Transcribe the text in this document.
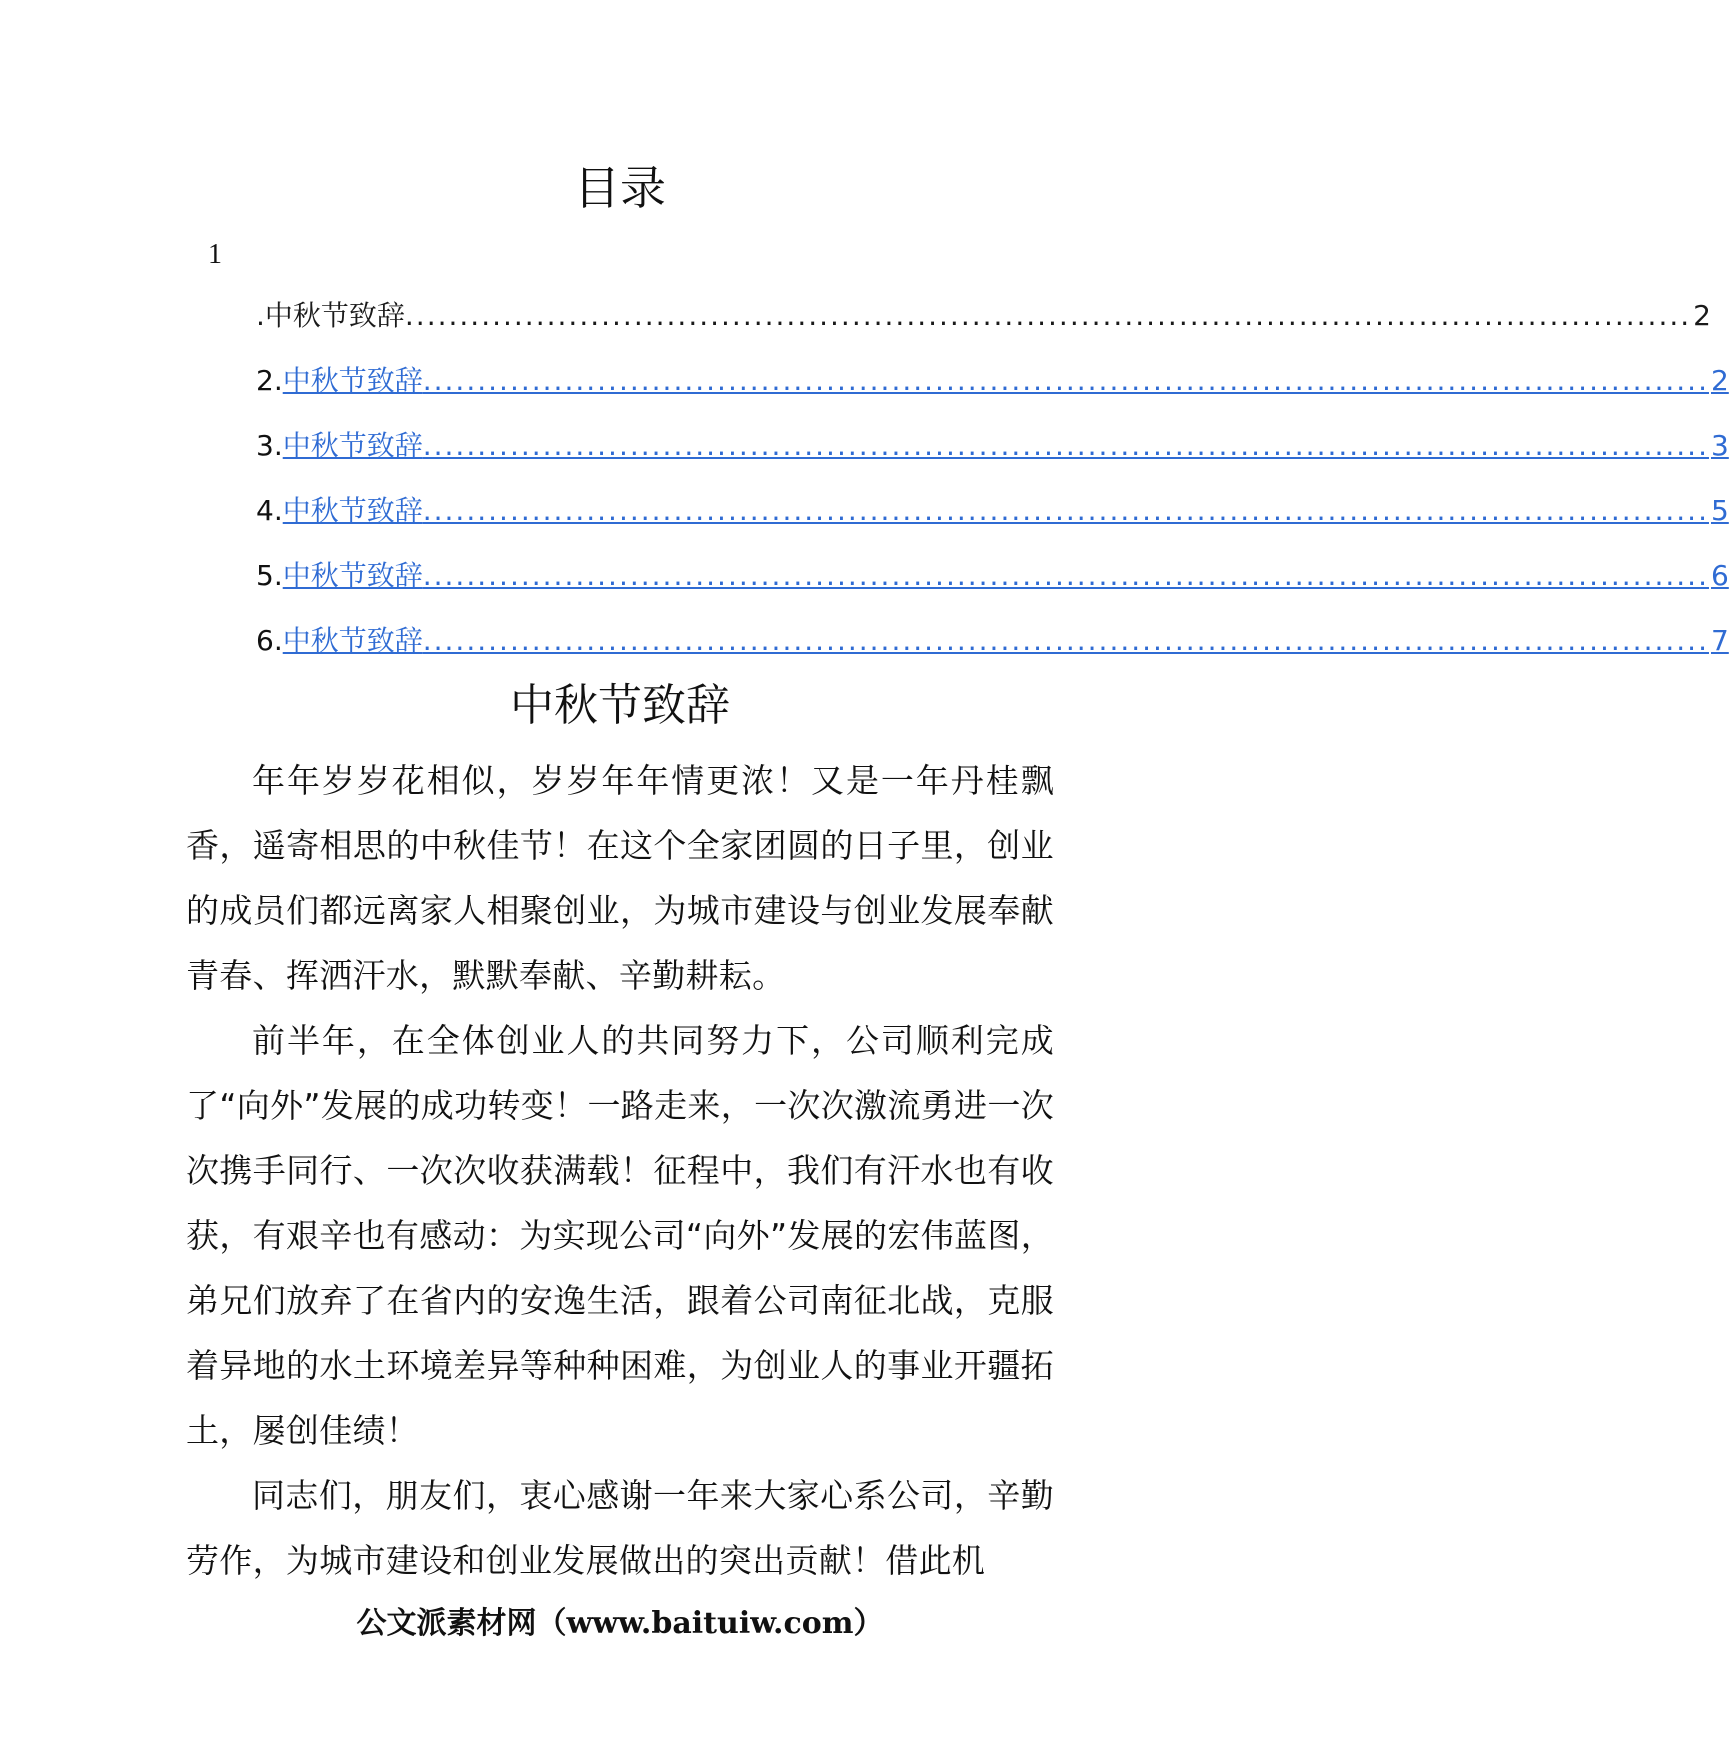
目录
1
.中秋节致辞 ...................................................................................................................... 2
2. 中秋节致辞 ...................................................................................................................... 2
3. 中秋节致辞 ...................................................................................................................... 3
4. 中秋节致辞 ...................................................................................................................... 5
5. 中秋节致辞 ...................................................................................................................... 6
6. 中秋节致辞 ...................................................................................................................... 7
中秋节致辞

年年岁岁花相似，岁岁年年情更浓！又是一年丹桂飘香，遥寄相思的中秋佳节！在这个全家团圆的日子里，创业的成员们都远离家人相聚创业，为城市建设与创业发展奉献青春、挥洒汗水，默默奉献、辛勤耕耘。

前半年，在全体创业人的共同努力下，公司顺利完成了“向外”发展的成功转变！一路走来，一次次激流勇进一次次携手同行、一次次收获满载！征程中，我们有汗水也有收获，有艰辛也有感动：为实现公司“向外”发展的宏伟蓝图，弟兄们放弃了在省内的安逸生活，跟着公司南征北战，克服着异地的水土环境差异等种种困难，为创业人的事业开疆拓土，屡创佳绩！

同志们，朋友们，衷心感谢一年来大家心系公司，辛勤劳作，为城市建设和创业发展做出的突出贡献！借此机

公文派素材网（www.baituiw.com）
